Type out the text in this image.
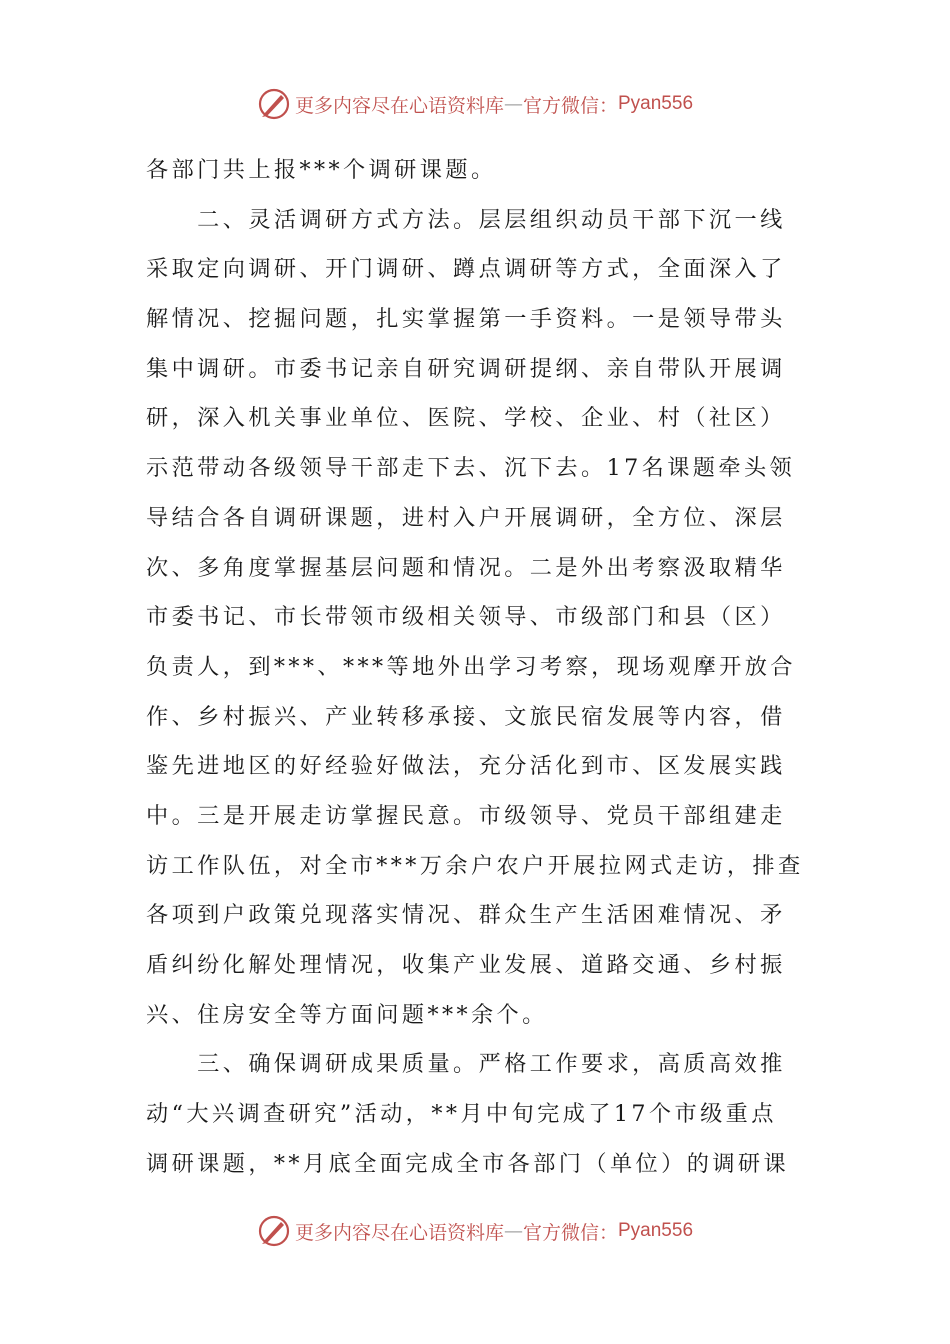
更多内容尽在心语资料库 — 官方微信： Pyan556
各部门共上报***个调研课题。
　　二、灵活调研方式方法。层层组织动员干部下沉一线
采取定向调研、开门调研、蹲点调研等方式，全面深入了
解情况、挖掘问题，扎实掌握第一手资料。一是领导带头
集中调研。市委书记亲自研究调研提纲、亲自带队开展调
研，深入机关事业单位、医院、学校、企业、村（社区）
示范带动各级领导干部走下去、沉下去。17名课题牵头领
导结合各自调研课题，进村入户开展调研，全方位、深层
次、多角度掌握基层问题和情况。二是外出考察汲取精华
市委书记、市长带领市级相关领导、市级部门和县（区）
负责人，到***、***等地外出学习考察，现场观摩开放合
作、乡村振兴、产业转移承接、文旅民宿发展等内容，借
鉴先进地区的好经验好做法，充分活化到市、区发展实践
中。三是开展走访掌握民意。市级领导、党员干部组建走
访工作队伍，对全市***万余户农户开展拉网式走访，排查
各项到户政策兑现落实情况、群众生产生活困难情况、矛
盾纠纷化解处理情况，收集产业发展、道路交通、乡村振
兴、住房安全等方面问题***余个。
　　三、确保调研成果质量。严格工作要求，高质高效推
动“大兴调查研究”活动，**月中旬完成了17个市级重点
调研课题，**月底全面完成全市各部门（单位）的调研课
更多内容尽在心语资料库 — 官方微信： Pyan556
